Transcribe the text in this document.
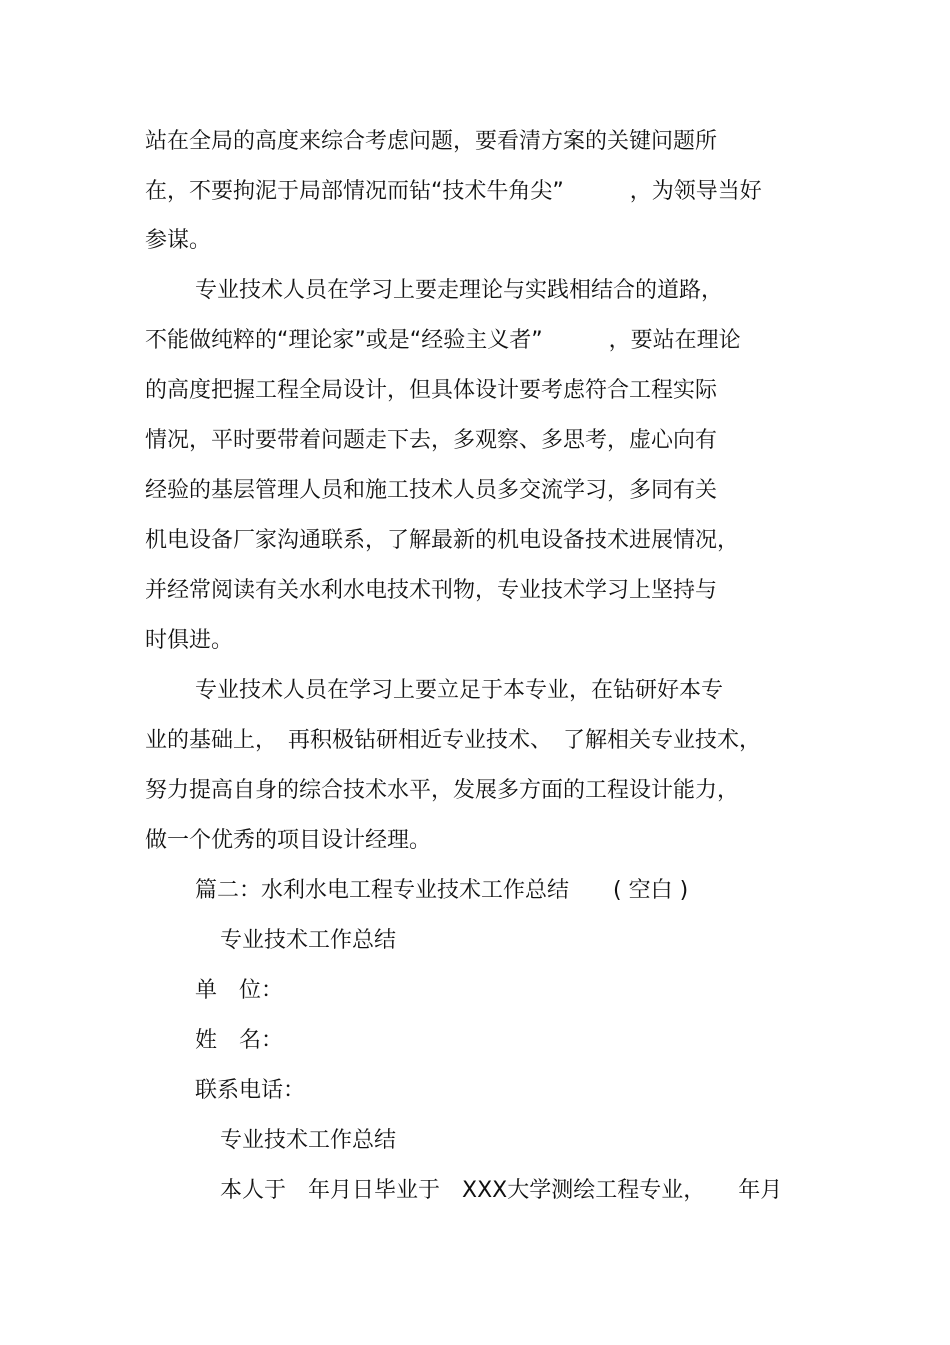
站在全局的高度来综合考虑问题，要看清方案的关键问题所
在，不要拘泥于局部情况而钻“技术牛角尖”　　　，为领导当好
参谋。
专业技术人员在学习上要走理论与实践相结合的道路，
不能做纯粹的“理论家”或是“经验主义者”　　　，要站在理论
的高度把握工程全局设计，但具体设计要考虑符合工程实际
情况，平时要带着问题走下去，多观察、多思考，虚心向有
经验的基层管理人员和施工技术人员多交流学习，多同有关
机电设备厂家沟通联系，了解最新的机电设备技术进展情况，
并经常阅读有关水利水电技术刊物，专业技术学习上坚持与
时俱进。
专业技术人员在学习上要立足于本专业，在钻研好本专
业的基础上，　再积极钻研相近专业技术、　了解相关专业技术，
努力提高自身的综合技术水平，发展多方面的工程设计能力，
做一个优秀的项目设计经理。
篇二：水利水电工程专业技术工作总结　　( 空白 )
专业技术工作总结
单　位：
姓　名：
联系电话：
专业技术工作总结
本人于　年月日毕业于　XXX大学测绘工程专业，　　年月
